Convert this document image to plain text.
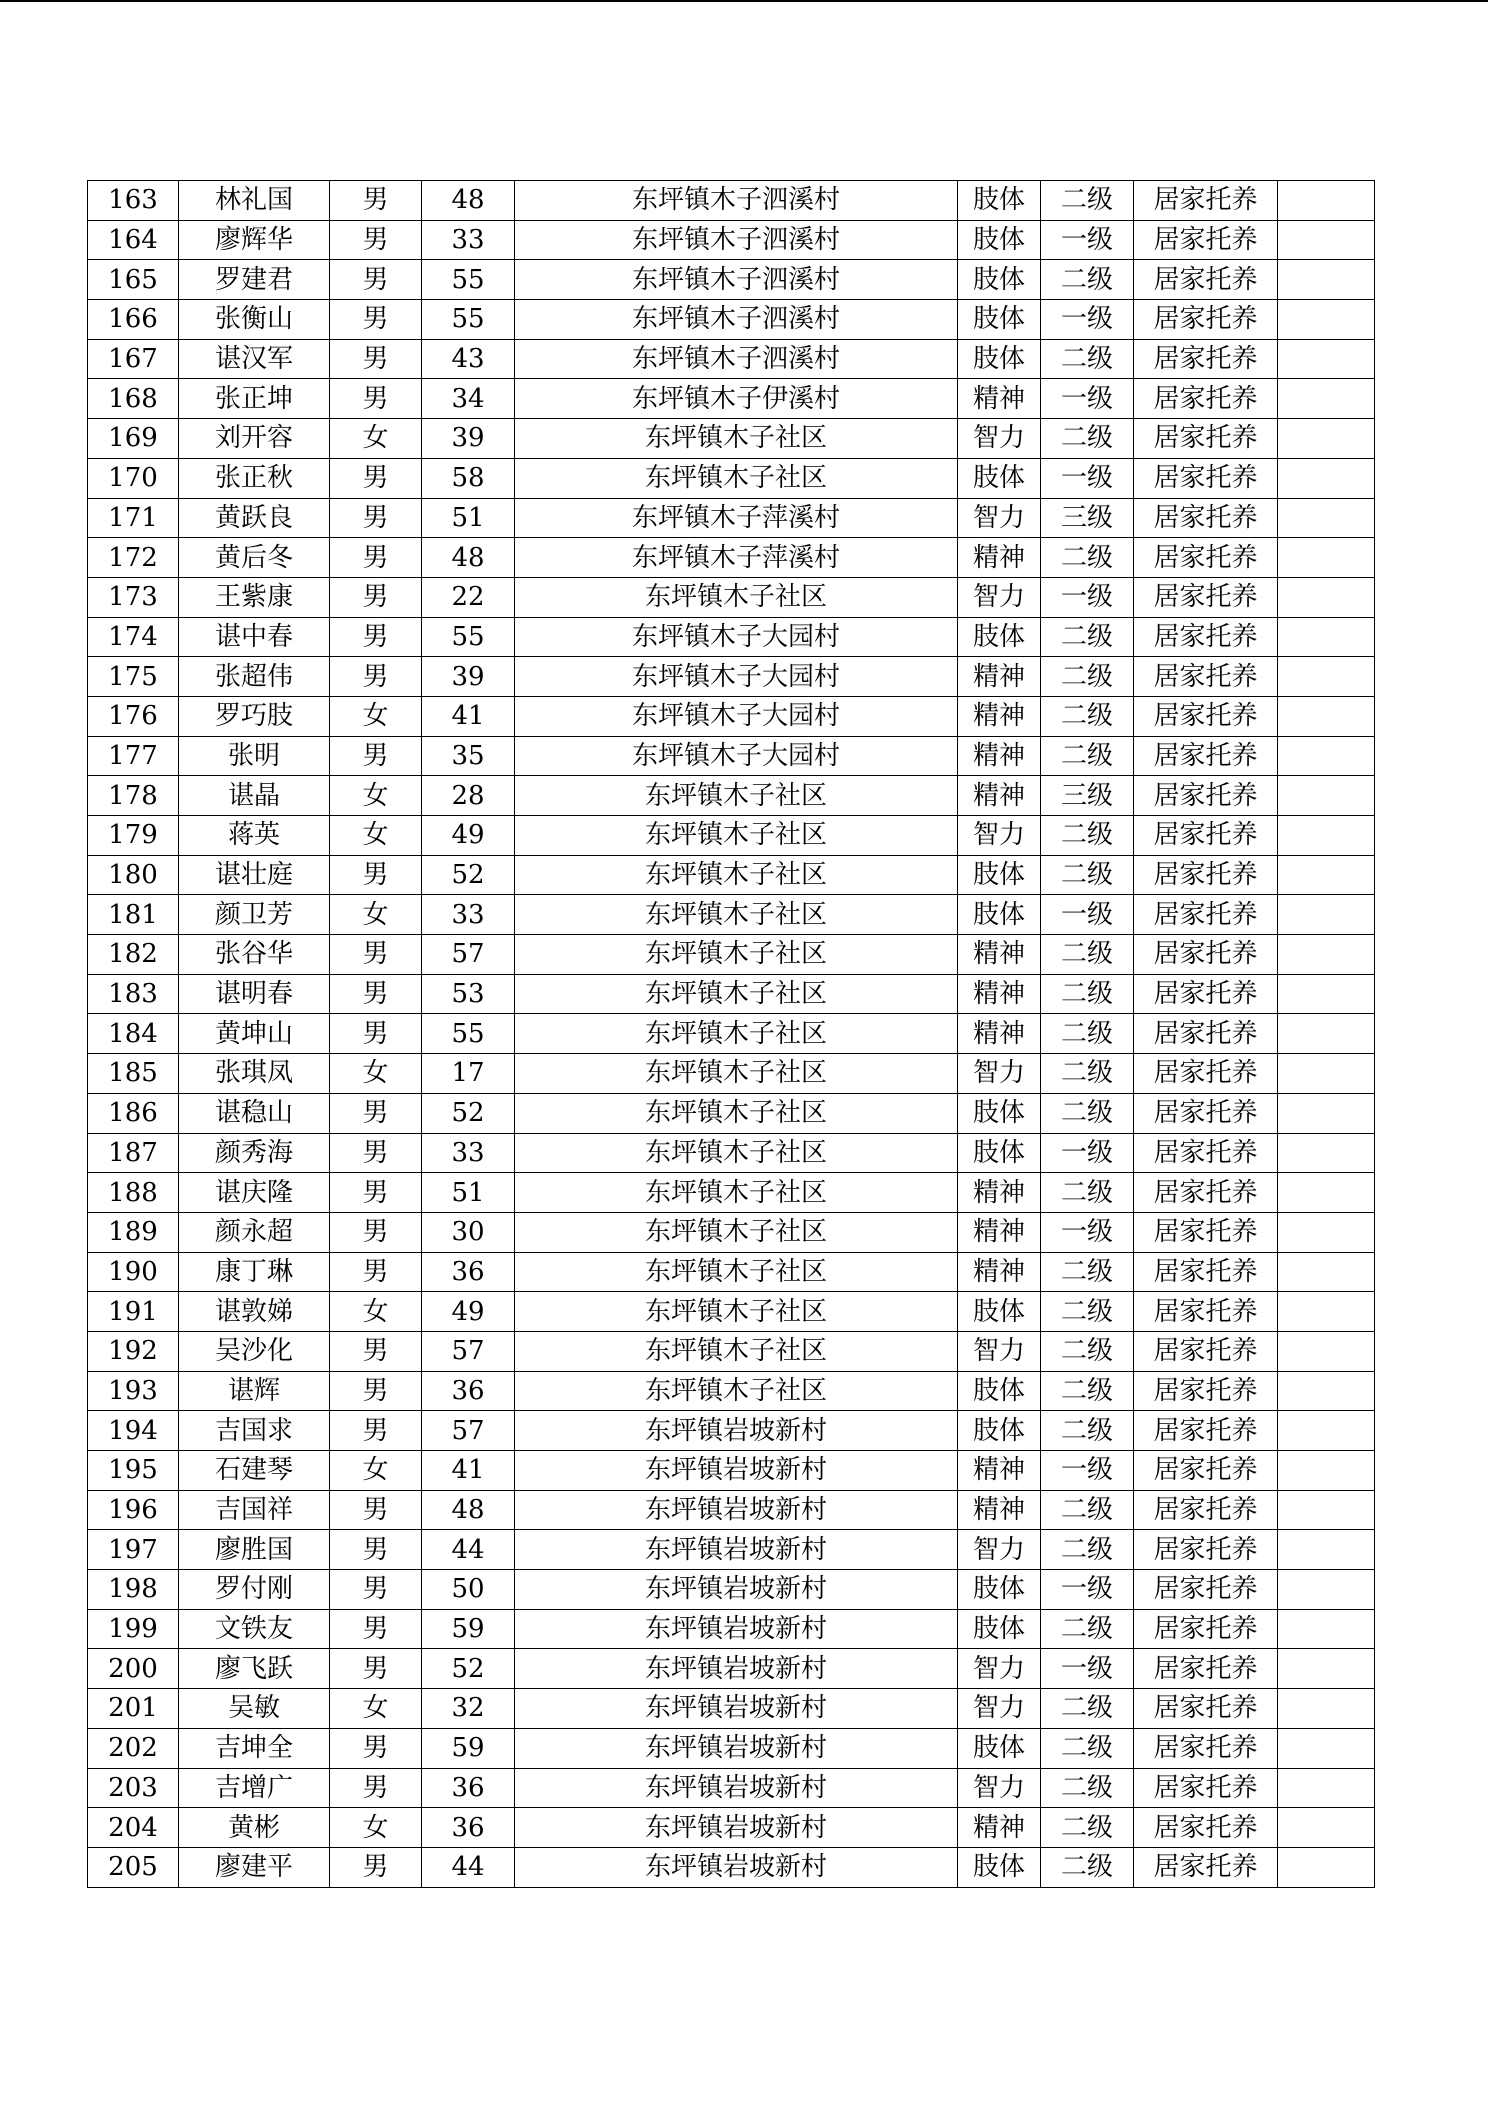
163	林礼国	男	48	东坪镇木子泗溪村	肢体	二级	居家托养	
164	廖辉华	男	33	东坪镇木子泗溪村	肢体	一级	居家托养	
165	罗建君	男	55	东坪镇木子泗溪村	肢体	二级	居家托养	
166	张衡山	男	55	东坪镇木子泗溪村	肢体	一级	居家托养	
167	谌汉军	男	43	东坪镇木子泗溪村	肢体	二级	居家托养	
168	张正坤	男	34	东坪镇木子伊溪村	精神	一级	居家托养	
169	刘开容	女	39	东坪镇木子社区	智力	二级	居家托养	
170	张正秋	男	58	东坪镇木子社区	肢体	一级	居家托养	
171	黄跃良	男	51	东坪镇木子萍溪村	智力	三级	居家托养	
172	黄后冬	男	48	东坪镇木子萍溪村	精神	二级	居家托养	
173	王紫康	男	22	东坪镇木子社区	智力	一级	居家托养	
174	谌中春	男	55	东坪镇木子大园村	肢体	二级	居家托养	
175	张超伟	男	39	东坪镇木子大园村	精神	二级	居家托养	
176	罗巧肢	女	41	东坪镇木子大园村	精神	二级	居家托养	
177	张明	男	35	东坪镇木子大园村	精神	二级	居家托养	
178	谌晶	女	28	东坪镇木子社区	精神	三级	居家托养	
179	蒋英	女	49	东坪镇木子社区	智力	二级	居家托养	
180	谌壮庭	男	52	东坪镇木子社区	肢体	二级	居家托养	
181	颜卫芳	女	33	东坪镇木子社区	肢体	一级	居家托养	
182	张谷华	男	57	东坪镇木子社区	精神	二级	居家托养	
183	谌明春	男	53	东坪镇木子社区	精神	二级	居家托养	
184	黄坤山	男	55	东坪镇木子社区	精神	二级	居家托养	
185	张琪凤	女	17	东坪镇木子社区	智力	二级	居家托养	
186	谌稳山	男	52	东坪镇木子社区	肢体	二级	居家托养	
187	颜秀海	男	33	东坪镇木子社区	肢体	一级	居家托养	
188	谌庆隆	男	51	东坪镇木子社区	精神	二级	居家托养	
189	颜永超	男	30	东坪镇木子社区	精神	一级	居家托养	
190	康丁琳	男	36	东坪镇木子社区	精神	二级	居家托养	
191	谌敦娣	女	49	东坪镇木子社区	肢体	二级	居家托养	
192	吴沙化	男	57	东坪镇木子社区	智力	二级	居家托养	
193	谌辉	男	36	东坪镇木子社区	肢体	二级	居家托养	
194	吉国求	男	57	东坪镇岩坡新村	肢体	二级	居家托养	
195	石建琴	女	41	东坪镇岩坡新村	精神	一级	居家托养	
196	吉国祥	男	48	东坪镇岩坡新村	精神	二级	居家托养	
197	廖胜国	男	44	东坪镇岩坡新村	智力	二级	居家托养	
198	罗付刚	男	50	东坪镇岩坡新村	肢体	一级	居家托养	
199	文铁友	男	59	东坪镇岩坡新村	肢体	二级	居家托养	
200	廖飞跃	男	52	东坪镇岩坡新村	智力	一级	居家托养	
201	吴敏	女	32	东坪镇岩坡新村	智力	二级	居家托养	
202	吉坤全	男	59	东坪镇岩坡新村	肢体	二级	居家托养	
203	吉增广	男	36	东坪镇岩坡新村	智力	二级	居家托养	
204	黄彬	女	36	东坪镇岩坡新村	精神	二级	居家托养	
205	廖建平	男	44	东坪镇岩坡新村	肢体	二级	居家托养	
